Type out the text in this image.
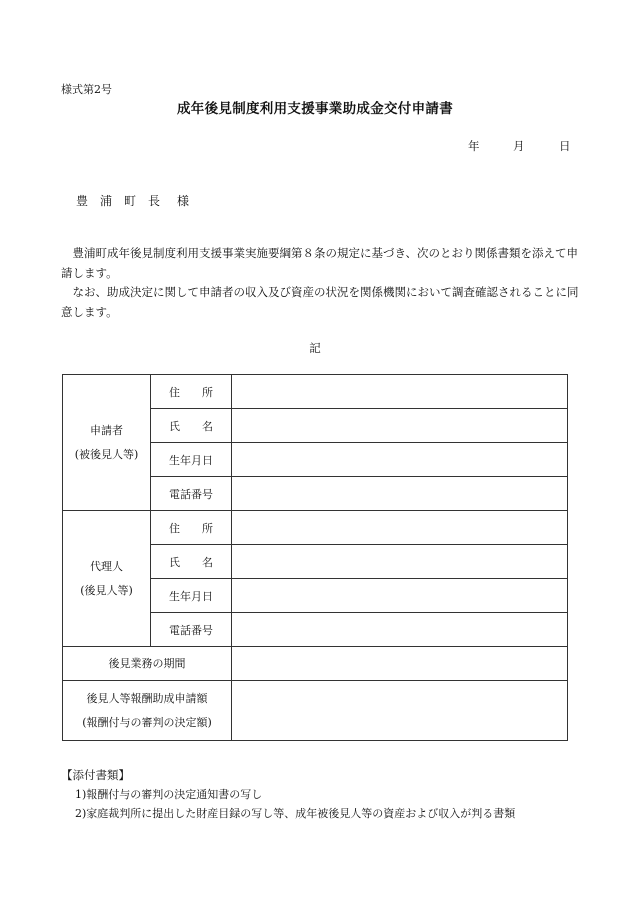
様式第2号
成年後見制度利用支援事業助成金交付申請書
年	月	日
豊　浦　町　長 様
　豊浦町成年後見制度利用支援事業実施要綱第８条の規定に基づき、次のとおり関係書類を添えて申請します。
　なお、助成決定に関して申請者の収入及び資産の状況を関係機関において調査確認されることに同意します。
記
申請者
(被後見人等)	住　　所	

	氏　　名	

	生年月日	

	電話番号	

代理人
(後見人等)	住　　所	

	氏　　名	

	生年月日	

	電話番号	

後見業務の期間		

後見人等報酬助成申請額
(報酬付与の審判の決定額)		

【添付書類】
1)報酬付与の審判の決定通知書の写し
2)家庭裁判所に提出した財産目録の写し等、成年被後見人等の資産および収入が判る書類
